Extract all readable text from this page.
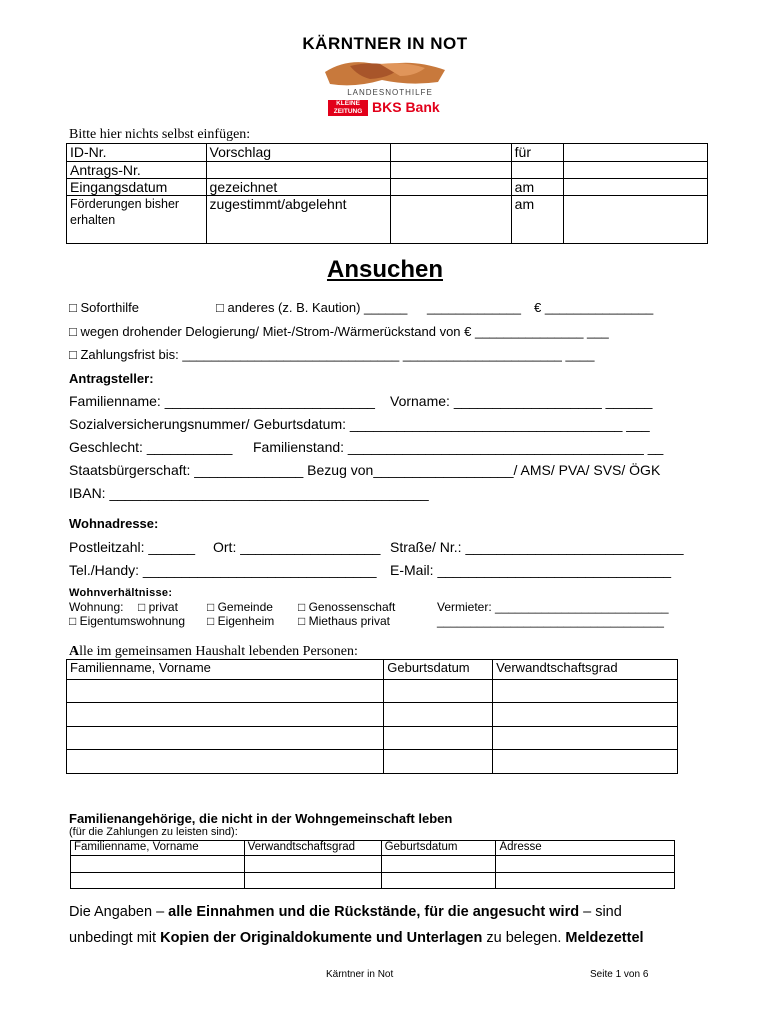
KÄRNTNER IN NOT
LANDESNOTHILFE
KLEINE ZEITUNG BKS Bank
Bitte hier nichts selbst einfügen:
ID-Nr.	Vorschlag		für	
Antrags-Nr.				
Eingangsdatum	gezeichnet		am	
Förderungen bisher erhalten	zugestimmt/abgelehnt		am	
Ansuchen
□ Soforthilfe	□ anderes (z. B. Kaution) ______ _____________ € _______________
□ wegen drohender Delogierung/ Miet-/Strom-/Wärmerückstand von € _______________ ___
□ Zahlungsfrist bis: ______________________________ ______________________ ____
Antragsteller:
Familienname: ___________________________ Vorname: ___________________ ______
Sozialversicherungsnummer/ Geburtsdatum: ___________________________________ ___
Geschlecht: ___________ Familienstand: ______________________________________ __
Staatsbürgerschaft: ______________ Bezug von__________________/ AMS/ PVA/ SVS/ ÖGK
IBAN: _________________________________________
Wohnadresse:
Postleitzahl: ______ Ort: __________________ Straße/ Nr.: ____________________________
Tel./Handy: ______________________________ E-Mail: ______________________________
Wohnverhältnisse:
Wohnung: □ privat □ Gemeinde □ Genossenschaft	Vermieter: __________________________
□ Eigentumswohnung □ Eigenheim □ Miethaus privat	__________________________________
Alle im gemeinsamen Haushalt lebenden Personen:
Familienname, Vorname	Geburtsdatum	Verwandtschaftsgrad

Familienangehörige, die nicht in der Wohngemeinschaft leben
(für die Zahlungen zu leisten sind):
Familienname, Vorname	Verwandtschaftsgrad	Geburtsdatum	Adresse

Die Angaben – alle Einnahmen und die Rückstände, für die angesucht wird – sind
unbedingt mit Kopien der Originaldokumente und Unterlagen zu belegen. Meldezettel
Kärntner in Not	Seite 1 von 6
